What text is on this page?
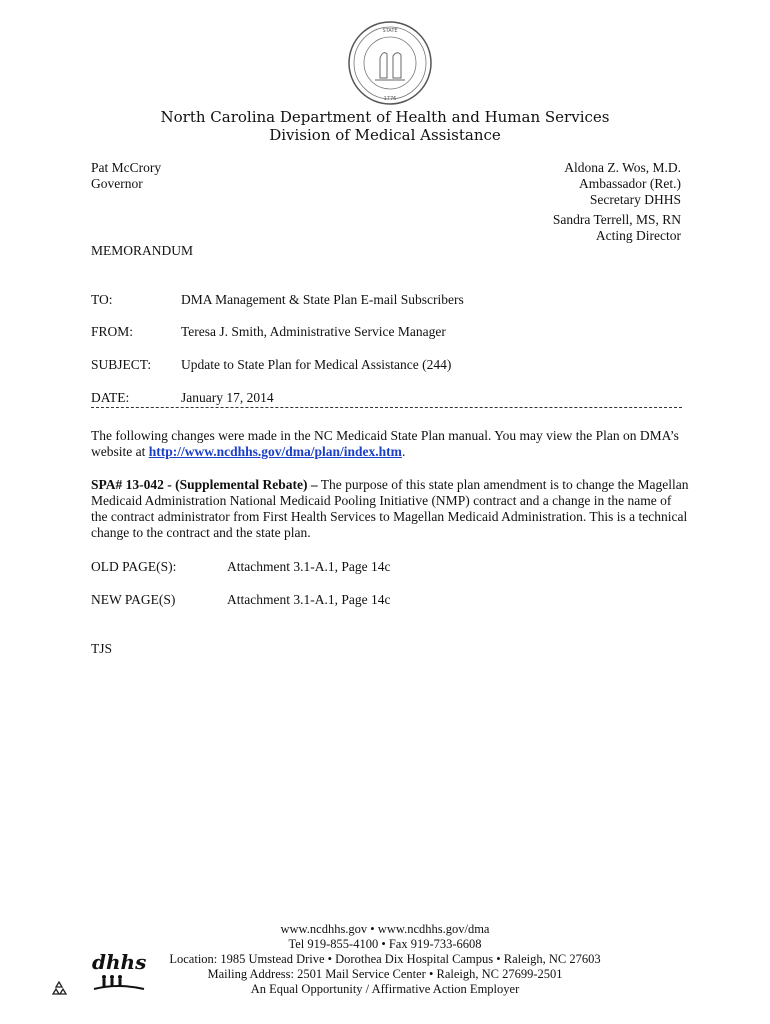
STATE
1776
North Carolina Department of Health and Human Services
Division of Medical Assistance
Pat McCrory
Governor
Aldona Z. Wos, M.D.
Ambassador (Ret.)
Secretary DHHS
Sandra Terrell, MS, RN
Acting Director
MEMORANDUM
TO:	DMA Management & State Plan E-mail Subscribers
FROM:	Teresa J. Smith, Administrative Service Manager
SUBJECT: Update to State Plan for Medical Assistance (244)
DATE:	January 17, 2014
The following changes were made in the NC Medicaid State Plan manual. You may view the Plan on DMA’s website at http://www.ncdhhs.gov/dma/plan/index.htm.
SPA# 13-042 - (Supplemental Rebate) – The purpose of this state plan amendment is to change the Magellan Medicaid Administration National Medicaid Pooling Initiative (NMP) contract and a change in the name of the contract administrator from First Health Services to Magellan Medicaid Administration. This is a technical change to the contract and the state plan.
OLD PAGE(S):	Attachment 3.1-A.1, Page 14c
NEW PAGE(S)	Attachment 3.1-A.1, Page 14c
TJS
www.ncdhhs.gov • www.ncdhhs.gov/dma
Tel 919-855-4100 • Fax 919-733-6608
Location: 1985 Umstead Drive • Dorothea Dix Hospital Campus • Raleigh, NC 27603
Mailing Address: 2501 Mail Service Center • Raleigh, NC 27699-2501
An Equal Opportunity / Affirmative Action Employer
dhhs
